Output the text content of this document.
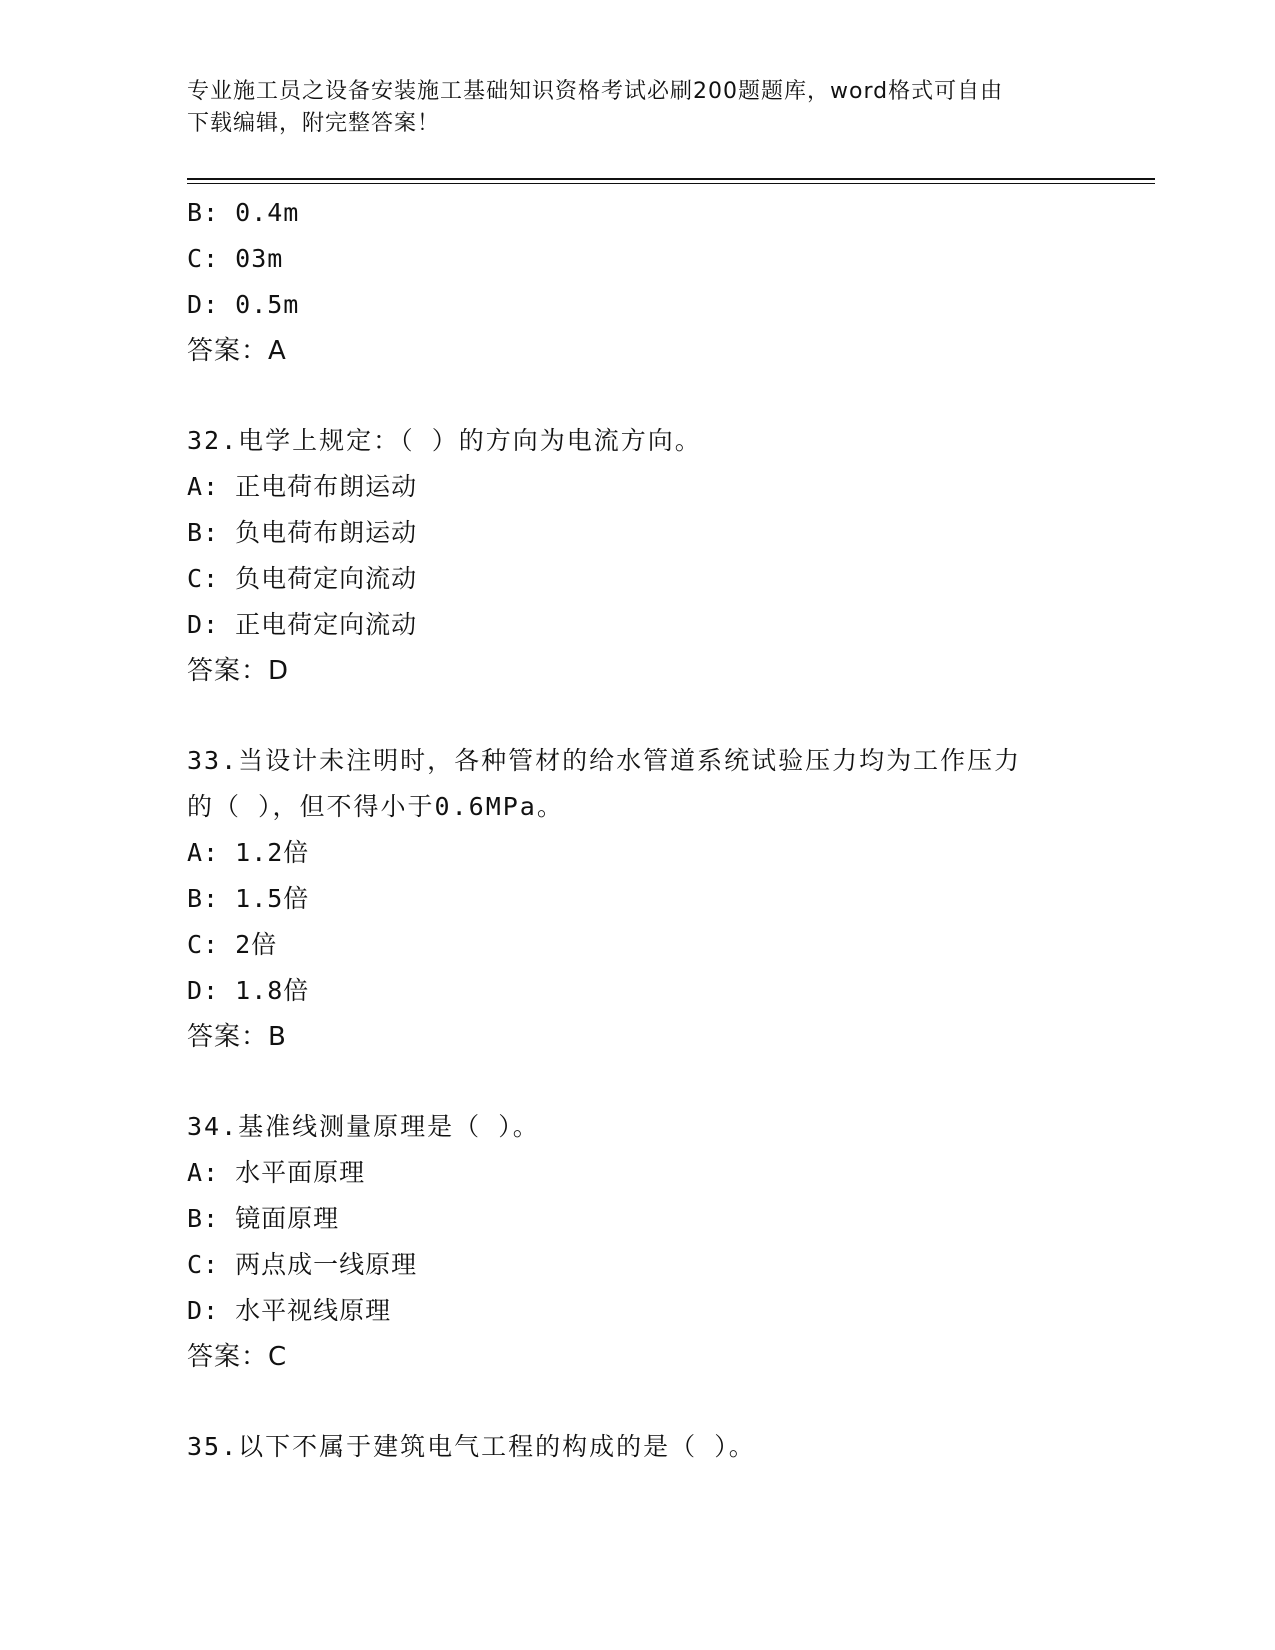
专业施工员之设备安装施工基础知识资格考试必刷200题题库，word格式可自由
下载编辑，附完整答案！
B: 0.4m
C: 03m
D: 0.5m
答案：A
32.电学上规定：（ ）的方向为电流方向。
A: 正电荷布朗运动
B: 负电荷布朗运动
C: 负电荷定向流动
D: 正电荷定向流动
答案：D
33.当设计未注明时，各种管材的给水管道系统试验压力均为工作压力
的（ ），但不得小于0.6MPa。
A: 1.2倍
B: 1.5倍
C: 2倍
D: 1.8倍
答案：B
34.基准线测量原理是（ ）。
A: 水平面原理
B: 镜面原理
C: 两点成一线原理
D: 水平视线原理
答案：C
35.以下不属于建筑电气工程的构成的是（ ）。
